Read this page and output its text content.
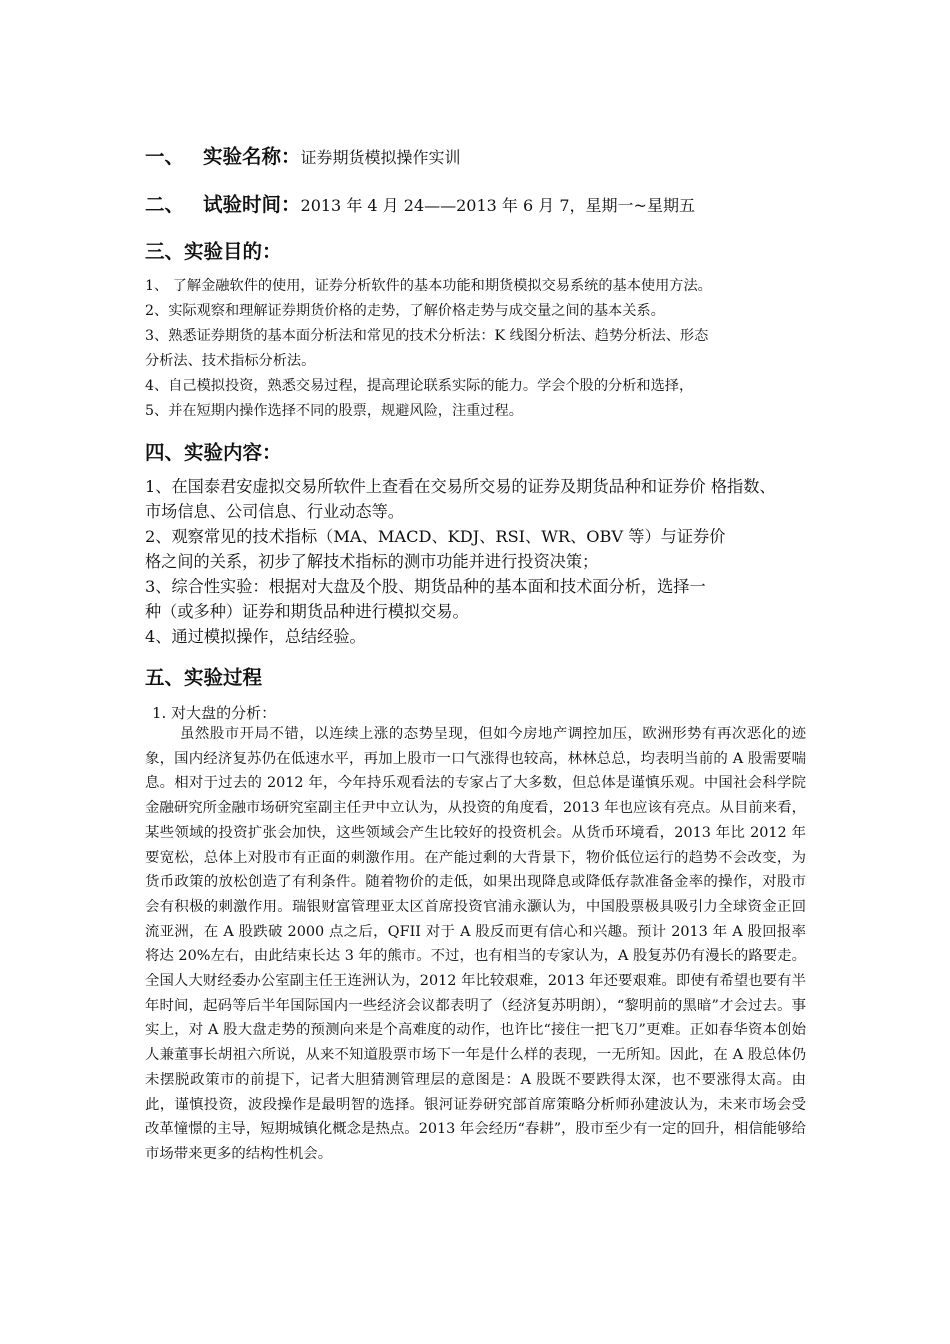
一、 实验名称：证券期货模拟操作实训
二、 试验时间：2013 年 4 月 24——2013 年 6 月 7，星期一~星期五
三、实验目的：
1、 了解金融软件的使用，证券分析软件的基本功能和期货模拟交易系统的基本使用方法。
2、实际观察和理解证券期货价格的走势，了解价格走势与成交量之间的基本关系。
3、熟悉证券期货的基本面分析法和常见的技术分析法：K 线图分析法、趋势分析法、形态
分析法、技术指标分析法。
4、自己模拟投资，熟悉交易过程，提高理论联系实际的能力。学会个股的分析和选择，
5、并在短期内操作选择不同的股票，规避风险，注重过程。
四、实验内容：
1、在国泰君安虚拟交易所软件上查看在交易所交易的证券及期货品种和证券价 格指数、
市场信息、公司信息、行业动态等。
2、观察常见的技术指标（MA、MACD、KDJ、RSI、WR、OBV 等）与证券价
格之间的关系，初步了解技术指标的测市功能并进行投资决策；
3、综合性实验：根据对大盘及个股、期货品种的基本面和技术面分析，选择一
种（或多种）证券和期货品种进行模拟交易。
4、通过模拟操作，总结经验。
五、实验过程
1. 对大盘的分析：
虽然股市开局不错，以连续上涨的态势呈现，但如今房地产调控加压，欧洲形势有再次恶化的迹象，国内经济复苏仍在低速水平，再加上股市一口气涨得也较高，林林总总，均表明当前的 A 股需要喘息。相对于过去的 2012 年，今年持乐观看法的专家占了大多数，但总体是谨慎乐观。中国社会科学院金融研究所金融市场研究室副主任尹中立认为，从投资的角度看，2013 年也应该有亮点。从目前来看，某些领域的投资扩张会加快，这些领域会产生比较好的投资机会。从货币环境看，2013 年比 2012 年要宽松，总体上对股市有正面的刺激作用。在产能过剩的大背景下，物价低位运行的趋势不会改变，为货币政策的放松创造了有利条件。随着物价的走低，如果出现降息或降低存款准备金率的操作，对股市会有积极的刺激作用。瑞银财富管理亚太区首席投资官浦永灏认为，中国股票极具吸引力全球资金正回流亚洲，在 A 股跌破 2000 点之后，QFII 对于 A 股反而更有信心和兴趣。预计 2013 年 A 股回报率将达 20%左右，由此结束长达 3 年的熊市。不过，也有相当的专家认为，A 股复苏仍有漫长的路要走。全国人大财经委办公室副主任王连洲认为，2012 年比较艰难，2013 年还要艰难。即使有希望也要有半年时间，起码等后半年国际国内一些经济会议都表明了（经济复苏明朗），“黎明前的黑暗”才会过去。事实上，对 A 股大盘走势的预测向来是个高难度的动作，也许比“接住一把飞刀”更难。正如春华资本创始人兼董事长胡祖六所说，从来不知道股票市场下一年是什么样的表现，一无所知。因此，在 A 股总体仍未摆脱政策市的前提下，记者大胆猜测管理层的意图是：A 股既不要跌得太深，也不要涨得太高。由此，谨慎投资，波段操作是最明智的选择。银河证券研究部首席策略分析师孙建波认为，未来市场会受改革憧憬的主导，短期城镇化概念是热点。2013 年会经历“春耕”，股市至少有一定的回升，相信能够给市场带来更多的结构性机会。
